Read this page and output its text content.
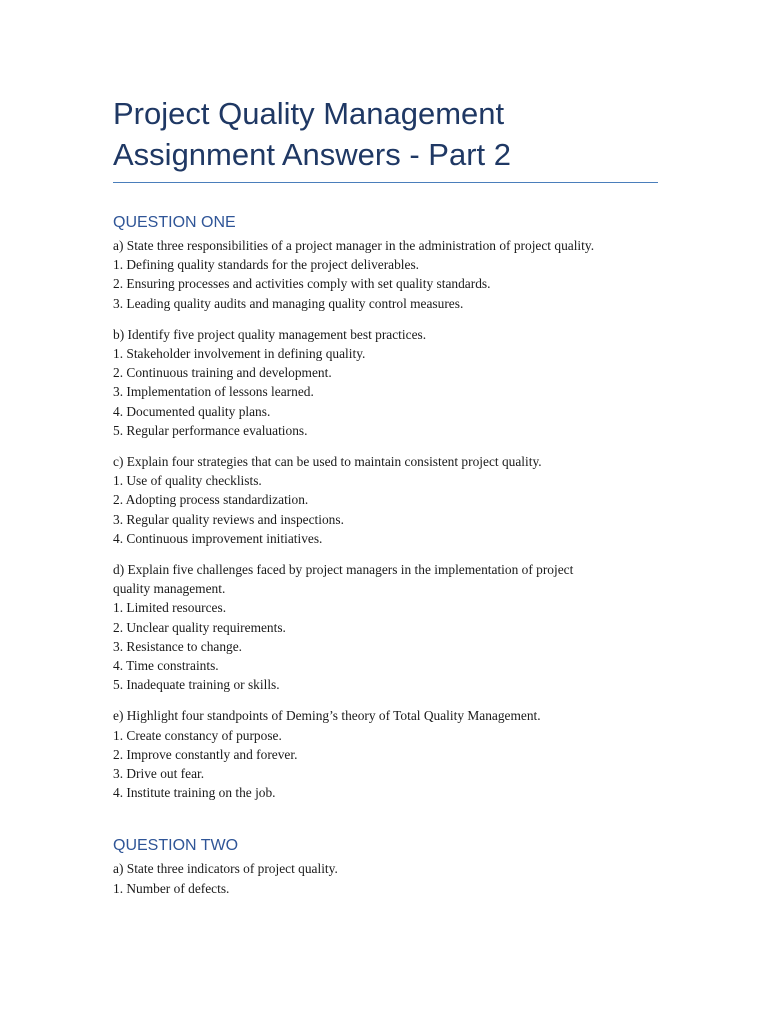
Project Quality Management
Assignment Answers - Part 2
QUESTION ONE

a) State three responsibilities of a project manager in the administration of project quality.

1. Defining quality standards for the project deliverables.

2. Ensuring processes and activities comply with set quality standards.

3. Leading quality audits and managing quality control measures.

b) Identify five project quality management best practices.

1. Stakeholder involvement in defining quality.

2. Continuous training and development.

3. Implementation of lessons learned.

4. Documented quality plans.

5. Regular performance evaluations.

c) Explain four strategies that can be used to maintain consistent project quality.

1. Use of quality checklists.

2. Adopting process standardization.

3. Regular quality reviews and inspections.

4. Continuous improvement initiatives.

d) Explain five challenges faced by project managers in the implementation of project

quality management.

1. Limited resources.

2. Unclear quality requirements.

3. Resistance to change.

4. Time constraints.

5. Inadequate training or skills.

e) Highlight four standpoints of Deming’s theory of Total Quality Management.

1. Create constancy of purpose.

2. Improve constantly and forever.

3. Drive out fear.

4. Institute training on the job.

QUESTION TWO

a) State three indicators of project quality.

1. Number of defects.
